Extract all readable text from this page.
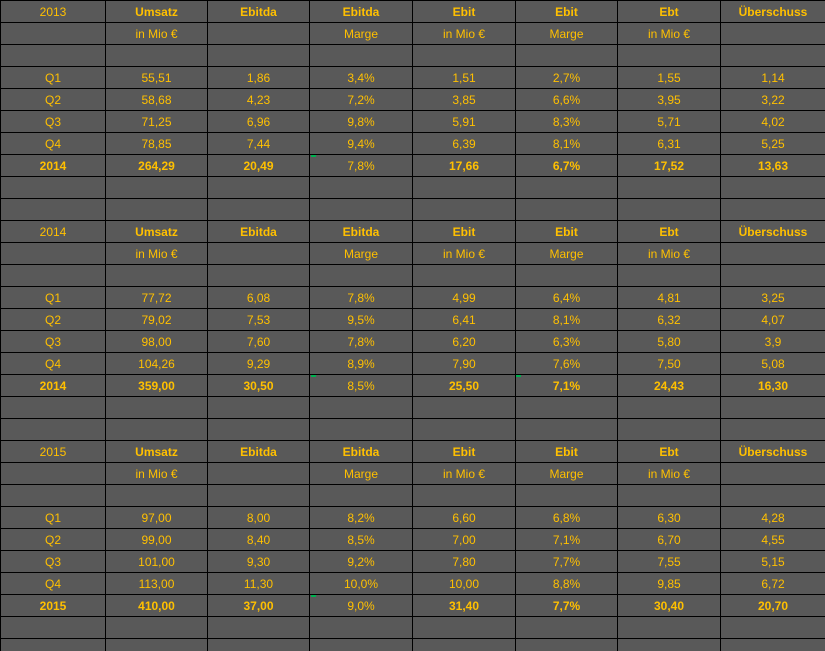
2013	Umsatz	Ebitda	Ebitda	Ebit	Ebit	Ebt	Überschuss
	in Mio €		Marge	in Mio €	Marge	in Mio €	

Q1	55,51	1,86	3,4%	1,51	2,7%	1,55	1,14
Q2	58,68	4,23	7,2%	3,85	6,6%	3,95	3,22
Q3	71,25	6,96	9,8%	5,91	8,3%	5,71	4,02
Q4	78,85	7,44	9,4%	6,39	8,1%	6,31	5,25
2014	264,29	20,49	7,8%	17,66	6,7%	17,52	13,63

2014	Umsatz	Ebitda	Ebitda	Ebit	Ebit	Ebt	Überschuss
	in Mio €		Marge	in Mio €	Marge	in Mio €	

Q1	77,72	6,08	7,8%	4,99	6,4%	4,81	3,25
Q2	79,02	7,53	9,5%	6,41	8,1%	6,32	4,07
Q3	98,00	7,60	7,8%	6,20	6,3%	5,80	3,9
Q4	104,26	9,29	8,9%	7,90	7,6%	7,50	5,08
2014	359,00	30,50	8,5%	25,50	7,1%	24,43	16,30

2015	Umsatz	Ebitda	Ebitda	Ebit	Ebit	Ebt	Überschuss
	in Mio €		Marge	in Mio €	Marge	in Mio €	

Q1	97,00	8,00	8,2%	6,60	6,8%	6,30	4,28
Q2	99,00	8,40	8,5%	7,00	7,1%	6,70	4,55
Q3	101,00	9,30	9,2%	7,80	7,7%	7,55	5,15
Q4	113,00	11,30	10,0%	10,00	8,8%	9,85	6,72
2015	410,00	37,00	9,0%	31,40	7,7%	30,40	20,70
